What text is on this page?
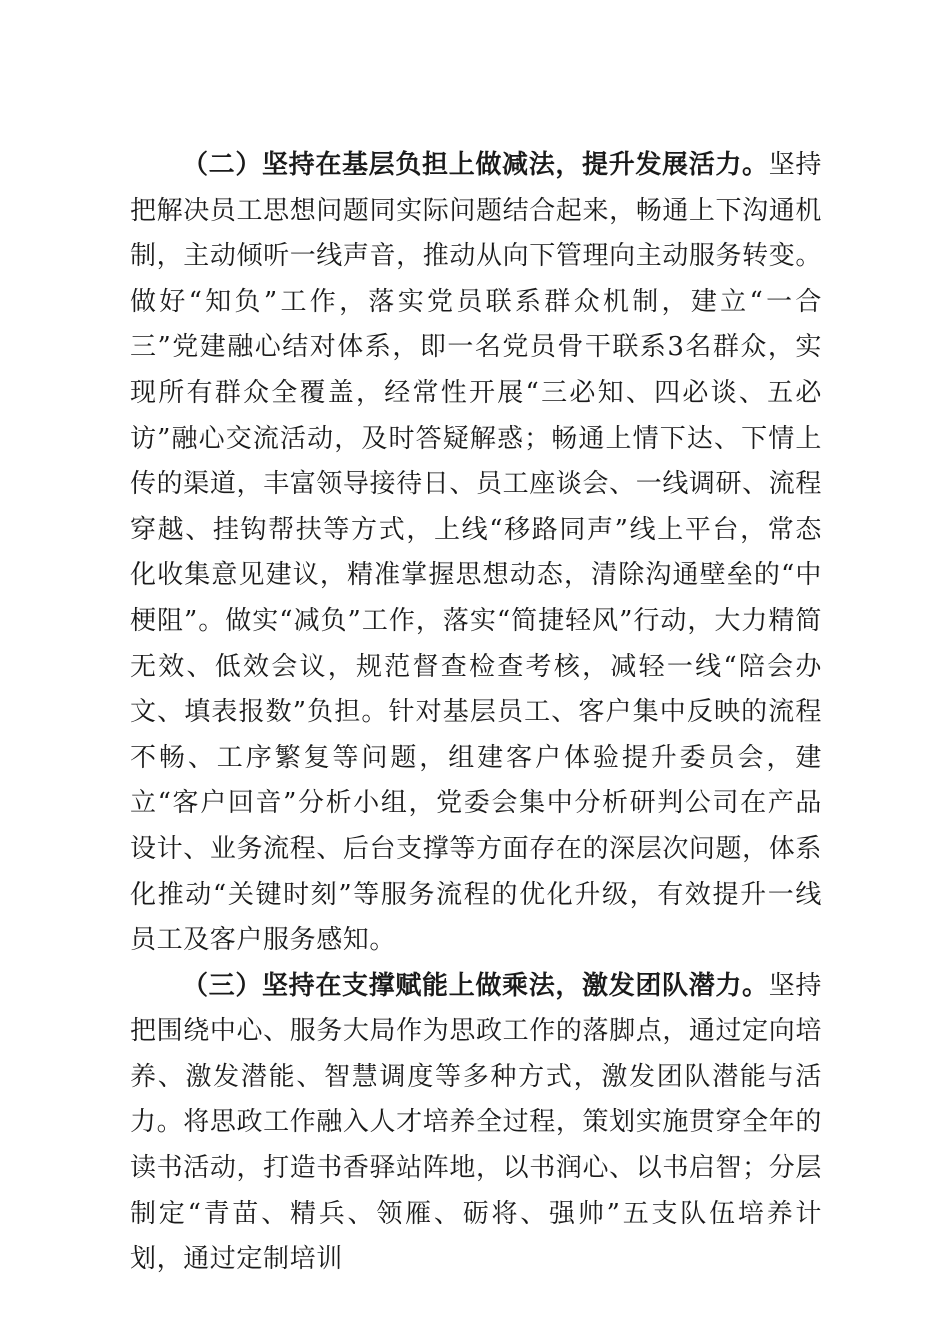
（二）坚持在基层负担上做减法，提升发展活力。坚持把解决员工思想问题同实际问题结合起来，畅通上下沟通机制，主动倾听一线声音，推动从向下管理向主动服务转变。做好“知负”工作，落实党员联系群众机制，建立“一合三”党建融心结对体系，即一名党员骨干联系3名群众，实现所有群众全覆盖，经常性开展“三必知、四必谈、五必访”融心交流活动，及时答疑解惑；畅通上情下达、下情上传的渠道，丰富领导接待日、员工座谈会、一线调研、流程穿越、挂钩帮扶等方式，上线“移路同声”线上平台，常态化收集意见建议，精准掌握思想动态，清除沟通壁垒的“中梗阻”。做实“减负”工作，落实“简捷轻风”行动，大力精简无效、低效会议，规范督查检查考核，减轻一线“陪会办文、填表报数”负担。针对基层员工、客户集中反映的流程不畅、工序繁复等问题，组建客户体验提升委员会，建立“客户回音”分析小组，党委会集中分析研判公司在产品设计、业务流程、后台支撑等方面存在的深层次问题，体系化推动“关键时刻”等服务流程的优化升级，有效提升一线员工及客户服务感知。

（三）坚持在支撑赋能上做乘法，激发团队潜力。坚持把围绕中心、服务大局作为思政工作的落脚点，通过定向培养、激发潜能、智慧调度等多种方式，激发团队潜能与活力。将思政工作融入人才培养全过程，策划实施贯穿全年的读书活动，打造书香驿站阵地，以书润心、以书启智；分层制定“青苗、精兵、领雁、砺将、强帅”五支队伍培养计划，通过定制培训
